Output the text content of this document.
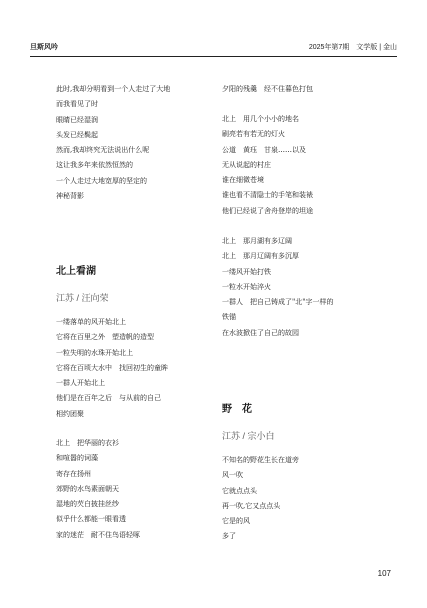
旦斯风吟	2025年第7期　文学版 | 金山
此时,我却分明看到一个人走过了大地
而我看见了时
眼睛已经湿润
头发已经鬓起
然而,我却终究无法说出什么呢
这让我多年来依然恒然的
一个人走过大地宽厚的坚定的
神秘背影
北上看湖
江苏 / 汪向荣
一缕落单的风开始北上
它将在百里之外　塑造帆的造型
一粒失明的水珠开始北上
它将在百顷大水中　找回初生的童眸
一群人开始北上
他们是在百年之后　与从前的自己
相约团聚
北上　把华丽的衣衫
和喧嚣的词藻
寄存在扬州
郊野的水鸟素面朝天
湿地的芡白披挂丝纱
似乎什么都能一眼看透
家的迷茫　耐不住鸟语轻啄
夕阳的残羹　经不住暮色打包
北上　用几个小小的地名
刷亮若有若无的灯火
公道　黄珏　甘泉……以及
无从说起的村庄
谁在细微苍境
谁也看不清隐士的手笔和装裱
他们已经说了舍舟登岸的坦途
北上　那月湖有多辽阔
北上　那月辽阔有多沉厚
一缕风开始打铁
一粒水开始淬火
一群人　把自己铸成了"北"字一样的
铁锚
在水波掀住了自己的故园
野　花
江苏 / 宗小白
不知名的野花生长在道旁
风一吹
它就点点头
再一吹,它又点点头
它是的风
多了
107
